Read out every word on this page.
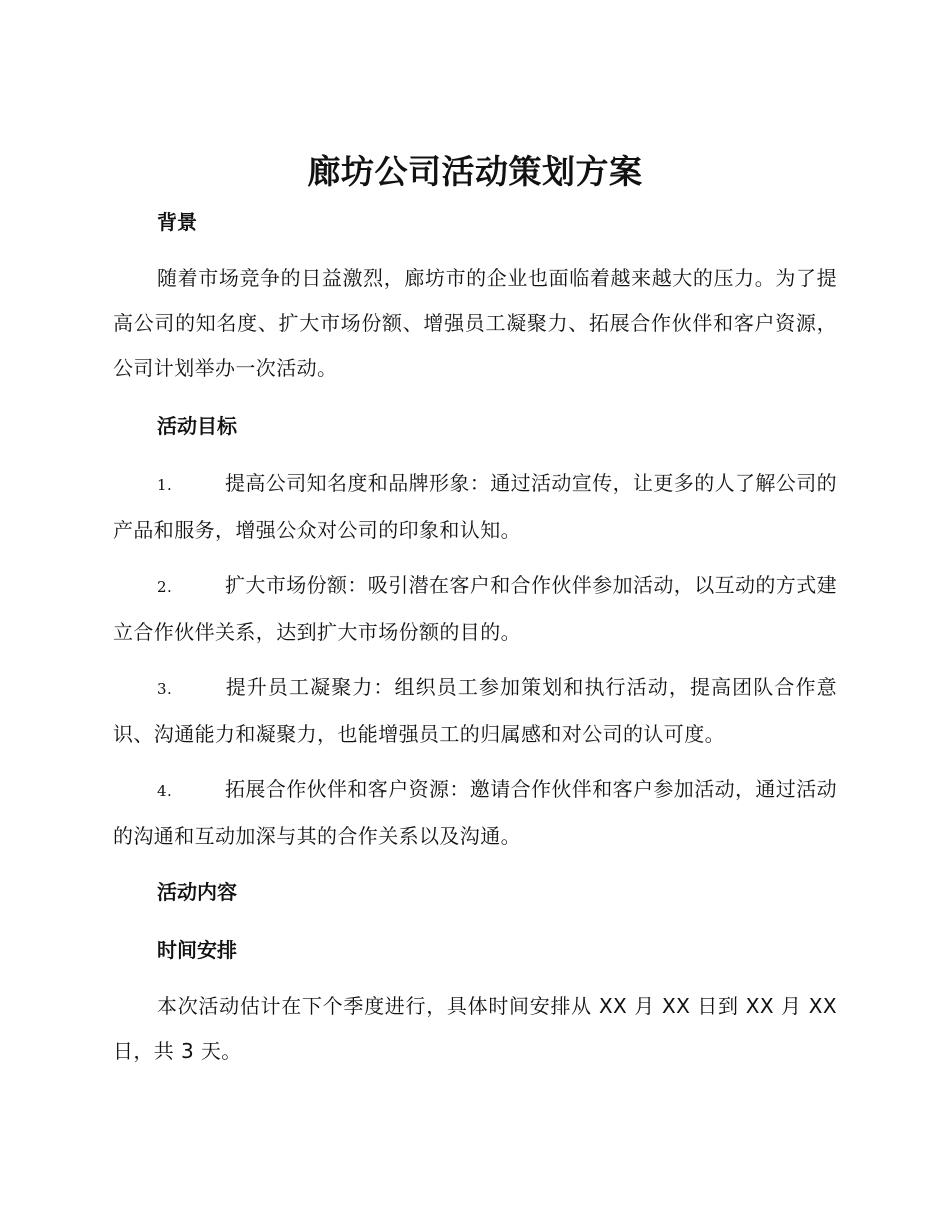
廊坊公司活动策划方案
背景

随着市场竞争的日益激烈，廊坊市的企业也面临着越来越大的压力。为了提高公司的知名度、扩大市场份额、增强员工凝聚力、拓展合作伙伴和客户资源，公司计划举办一次活动。

活动目标

1.	提高公司知名度和品牌形象：通过活动宣传，让更多的人了解公司的产品和服务，增强公众对公司的印象和认知。

2.	扩大市场份额：吸引潜在客户和合作伙伴参加活动，以互动的方式建立合作伙伴关系，达到扩大市场份额的目的。

3.	提升员工凝聚力：组织员工参加策划和执行活动，提高团队合作意识、沟通能力和凝聚力，也能增强员工的归属感和对公司的认可度。

4.	拓展合作伙伴和客户资源：邀请合作伙伴和客户参加活动，通过活动的沟通和互动加深与其的合作关系以及沟通。

活动内容
时间安排

本次活动估计在下个季度进行，具体时间安排从 XX 月 XX 日到 XX 月 XX 日，共 3 天。
